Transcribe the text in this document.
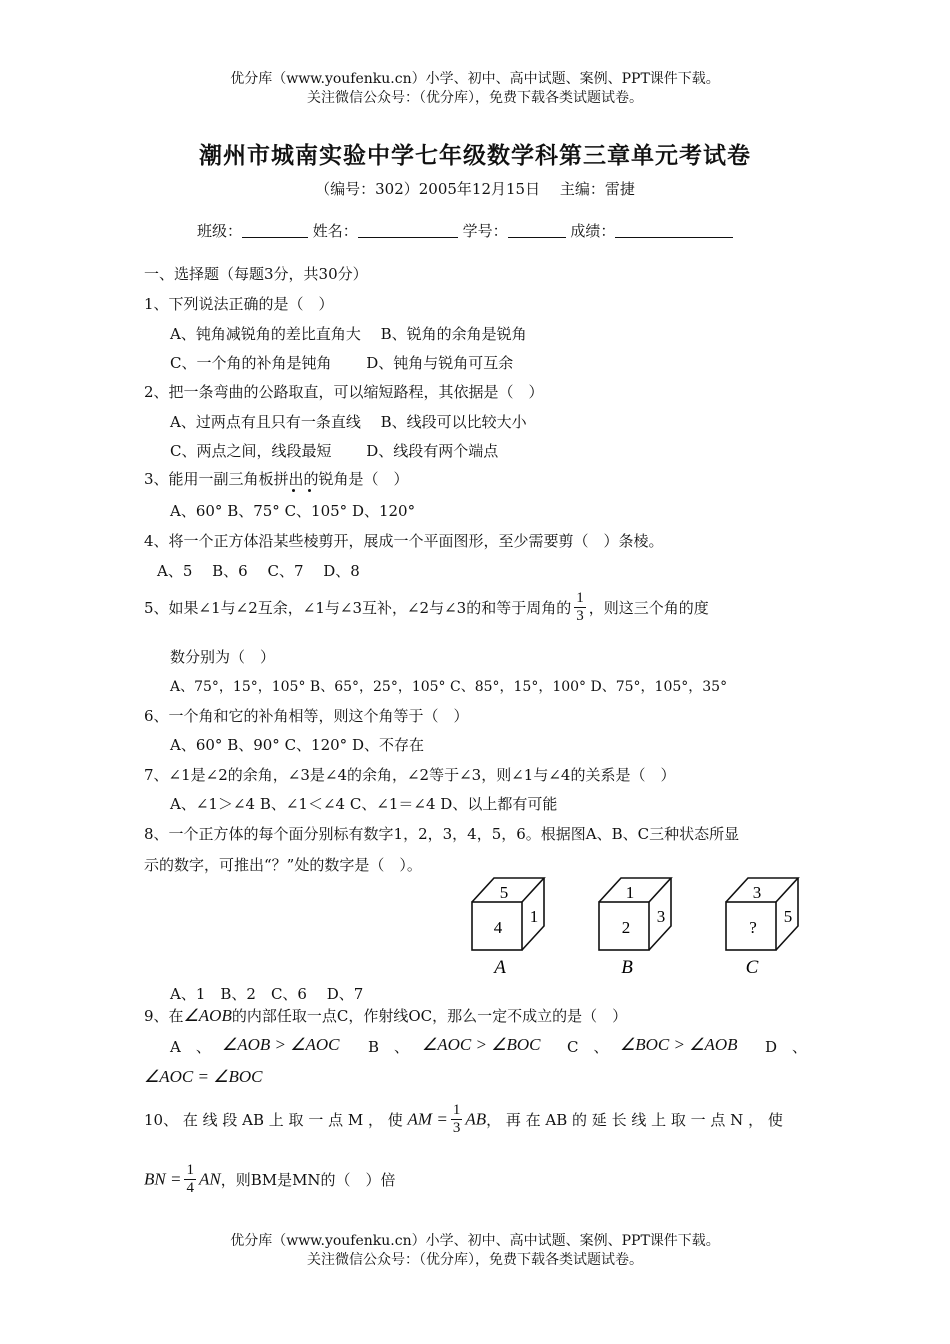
优分库（www.youfenku.cn）小学、初中、高中试题、案例、PPT课件下载。
关注微信公众号：（优分库），免费下载各类试题试卷。
潮州市城南实验中学七年级数学科第三章单元考试卷
（编号：302）2005年12月15日　 主编：雷捷
班级：	姓名：	学号：	成绩：
一、选择题（每题3分，共30分）
1、下列说法正确的是（　）
A、钝角减锐角的差比直角大　 B、锐角的余角是锐角
C、一个角的补角是钝角　　 D、钝角与锐角可互余
2、把一条弯曲的公路取直，可以缩短路程，其依据是（　）
A、过两点有且只有一条直线　 B、线段可以比较大小
C、两点之间，线段最短　　 D、线段有两个端点
3、能用一副三角板拼出的锐角是（　）
A、60° B、75° C、105° D、120°
4、将一个正方体沿某些棱剪开，展成一个平面图形，至少需要剪（　）条棱。
A、5　 B、6　 C、7　 D、8
5、如果∠1与∠2互余，∠1与∠3互补，∠2与∠3的和等于周角的 $\frac{1}{3}$ ，则这三个角的度
数分别为（　）
A、75°，15°，105° B、65°，25°，105° C、85°，15°，100° D、75°，105°，35°
6、一个角和它的补角相等，则这个角等于（　）
A、60° B、90° C、120° D、不存在
7、∠1是∠2的余角，∠3是∠4的余角，∠2等于∠3，则∠1与∠4的关系是（　）
A、∠1＞∠4 B、∠1＜∠4 C、∠1＝∠4 D、以上都有可能
8、一个正方体的每个面分别标有数字1，2，3，4，5，6。根据图A、B、C三种状态所显
示的数字，可推出“？”处的数字是（　）。
5
4
1
1
2
3
3
?
5
A	B	C
A、1　B、2　C、6　 D、7
9、在∠AOB的内部任取一点C，作射线OC，那么一定不成立的是（　）
A　、 ∠AOB > ∠AOC B　、 ∠AOC > ∠BOC C　、 ∠BOC > ∠AOB D　、
∠AOC = ∠BOC
10、 在 线 段 AB 上 取 一 点 M ， 使 AM = $\frac{1}{3}$ AB， 再 在 AB 的 延 长 线 上 取 一 点 N ， 使
BN = $\frac{1}{4}$ AN，则BM是MN的（　）倍
优分库（www.youfenku.cn）小学、初中、高中试题、案例、PPT课件下载。
关注微信公众号：（优分库），免费下载各类试题试卷。
